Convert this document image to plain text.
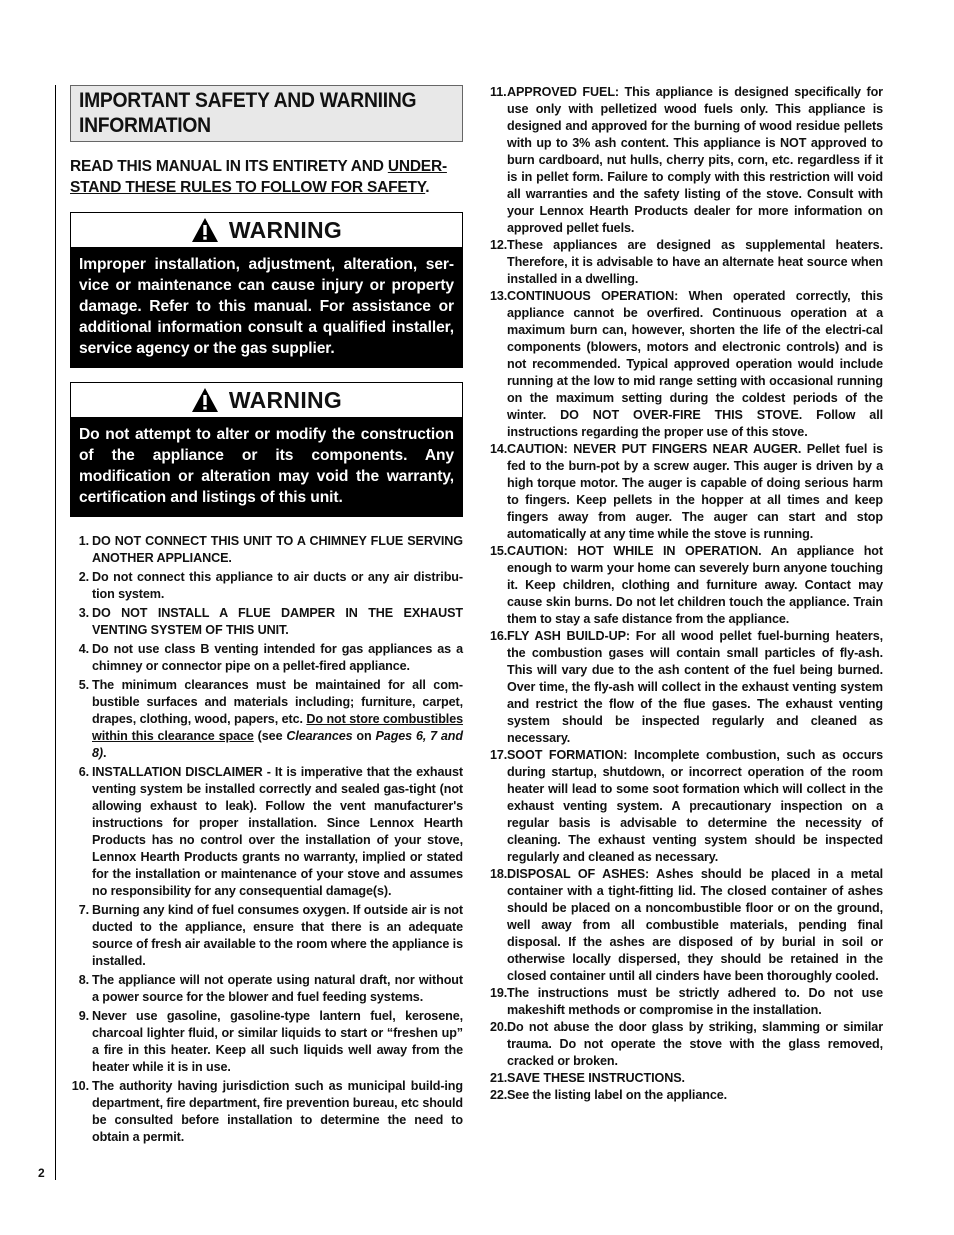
2
IMPORTANT SAFETY AND WARNIING
INFORMATION
READ THIS MANUAL IN ITS ENTIRETY AND UNDER-STAND THESE RULES TO FOLLOW FOR SAFETY.
WARNING
Improper installation, adjustment, alteration, ser-vice or maintenance can cause injury or property damage. Refer to this manual. For assistance or additional information consult a qualified installer, service agency or the gas supplier.
WARNING
Do not attempt to alter or modify the construction of the appliance or its components. Any modification or alteration may void the warranty, certification and listings of this unit.
1. DO NOT CONNECT THIS UNIT TO A CHIMNEY FLUE SERVING ANOTHER APPLIANCE.
2. Do not connect this appliance to air ducts or any air distribu-tion system.
3. DO NOT INSTALL A FLUE DAMPER IN THE EXHAUST VENTING SYSTEM OF THIS UNIT.
4. Do not use class B venting intended for gas appliances as a chimney or connector pipe on a pellet-fired appliance.
5. The minimum clearances must be maintained for all com-bustible surfaces and materials including; furniture, carpet, drapes, clothing, wood, papers, etc. Do not store combustibles within this clearance space (see Clearances on Pages 6, 7 and 8).
6. INSTALLATION DISCLAIMER - It is imperative that the exhaust venting system be installed correctly and sealed gas-tight (not allowing exhaust to leak). Follow the vent manufacturer's instructions for proper installation. Since Lennox Hearth Products has no control over the installation of your stove, Lennox Hearth Products grants no warranty, implied or stated for the installation or maintenance of your stove and assumes no responsibility for any consequential damage(s).
7. Burning any kind of fuel consumes oxygen. If outside air is not ducted to the appliance, ensure that there is an adequate source of fresh air available to the room where the appliance is installed.
8. The appliance will not operate using natural draft, nor without a power source for the blower and fuel feeding systems.
9. Never use gasoline, gasoline-type lantern fuel, kerosene, charcoal lighter fluid, or similar liquids to start or “freshen up” a fire in this heater. Keep all such liquids well away from the heater while it is in use.
10. The authority having jurisdiction such as municipal build-ing department, fire department, fire prevention bureau, etc should be consulted before installation to determine the need to obtain a permit.
11. APPROVED FUEL: This appliance is designed specifically for use only with pelletized wood fuels only. This appliance is designed and approved for the burning of wood residue pellets with up to 3% ash content. This appliance is NOT approved to burn cardboard, nut hulls, cherry pits, corn, etc. regardless if it is in pellet form. Failure to comply with this restriction will void all warranties and the safety listing of the stove. Consult with your Lennox Hearth Products dealer for more information on approved pellet fuels.
12. These appliances are designed as supplemental heaters. Therefore, it is advisable to have an alternate heat source when installed in a dwelling.
13. CONTINUOUS OPERATION: When operated correctly, this appliance cannot be overfired. Continuous operation at a maximum burn can, however, shorten the life of the electri-cal components (blowers, motors and electronic controls) and is not recommended. Typical approved operation would include running at the low to mid range setting with occasional running on the maximum setting during the coldest periods of the winter. DO NOT OVER-FIRE THIS STOVE. Follow all instructions regarding the proper use of this stove.
14. CAUTION: NEVER PUT FINGERS NEAR AUGER. Pellet fuel is fed to the burn-pot by a screw auger. This auger is driven by a high torque motor. The auger is capable of doing serious harm to fingers. Keep pellets in the hopper at all times and keep fingers away from auger. The auger can start and stop automatically at any time while the stove is running.
15. CAUTION: HOT WHILE IN OPERATION. An appliance hot enough to warm your home can severely burn anyone touching it. Keep children, clothing and furniture away. Contact may cause skin burns. Do not let children touch the appliance. Train them to stay a safe distance from the appliance.
16. FLY ASH BUILD-UP: For all wood pellet fuel-burning heaters, the combustion gases will contain small particles of fly-ash. This will vary due to the ash content of the fuel being burned. Over time, the fly-ash will collect in the exhaust venting system and restrict the flow of the flue gases. The exhaust venting system should be inspected regularly and cleaned as necessary.
17. SOOT FORMATION: Incomplete combustion, such as occurs during startup, shutdown, or incorrect operation of the room heater will lead to some soot formation which will collect in the exhaust venting system. A precautionary inspection on a regular basis is advisable to determine the necessity of cleaning. The exhaust venting system should be inspected regularly and cleaned as necessary.
18. DISPOSAL OF ASHES: Ashes should be placed in a metal container with a tight-fitting lid. The closed container of ashes should be placed on a noncombustible floor or on the ground, well away from all combustible materials, pending final disposal. If the ashes are disposed of by burial in soil or otherwise locally dispersed, they should be retained in the closed container until all cinders have been thoroughly cooled.
19. The instructions must be strictly adhered to. Do not use makeshift methods or compromise in the installation.
20. Do not abuse the door glass by striking, slamming or similar trauma. Do not operate the stove with the glass removed, cracked or broken.
21. SAVE THESE INSTRUCTIONS.
22. See the listing label on the appliance.
